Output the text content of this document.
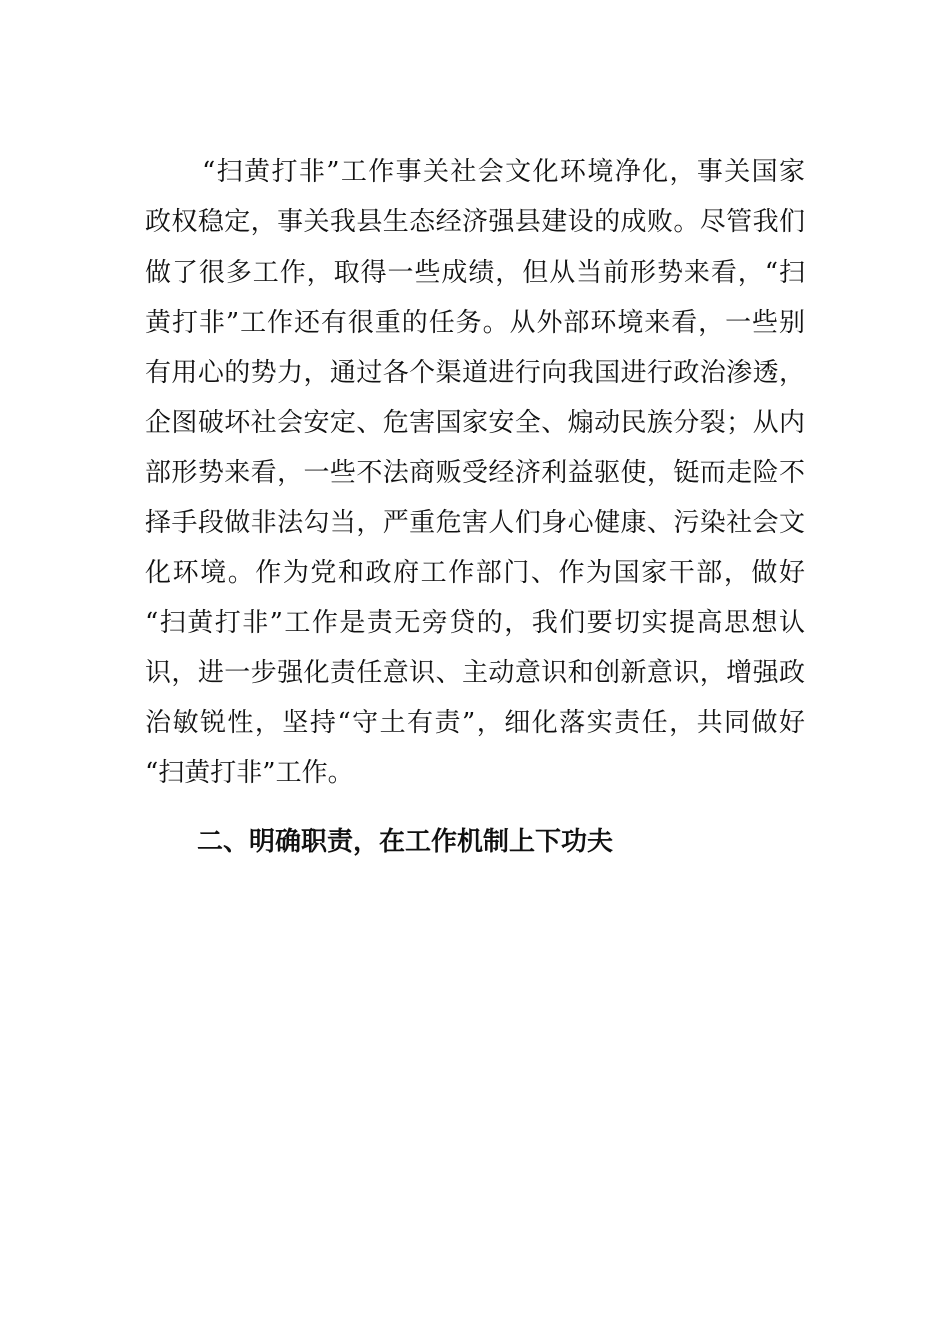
“扫黄打非”工作事关社会文化环境净化，事关国家
政权稳定，事关我县生态经济强县建设的成败。尽管我们
做了很多工作，取得一些成绩，但从当前形势来看，“扫
黄打非”工作还有很重的任务。从外部环境来看，一些别
有用心的势力，通过各个渠道进行向我国进行政治渗透，
企图破坏社会安定、危害国家安全、煽动民族分裂；从内
部形势来看，一些不法商贩受经济利益驱使，铤而走险不
择手段做非法勾当，严重危害人们身心健康、污染社会文
化环境。作为党和政府工作部门、作为国家干部，做好
“扫黄打非”工作是责无旁贷的，我们要切实提高思想认
识，进一步强化责任意识、主动意识和创新意识，增强政
治敏锐性，坚持“守土有责”，细化落实责任，共同做好
“扫黄打非”工作。
二、明确职责，在工作机制上下功夫
